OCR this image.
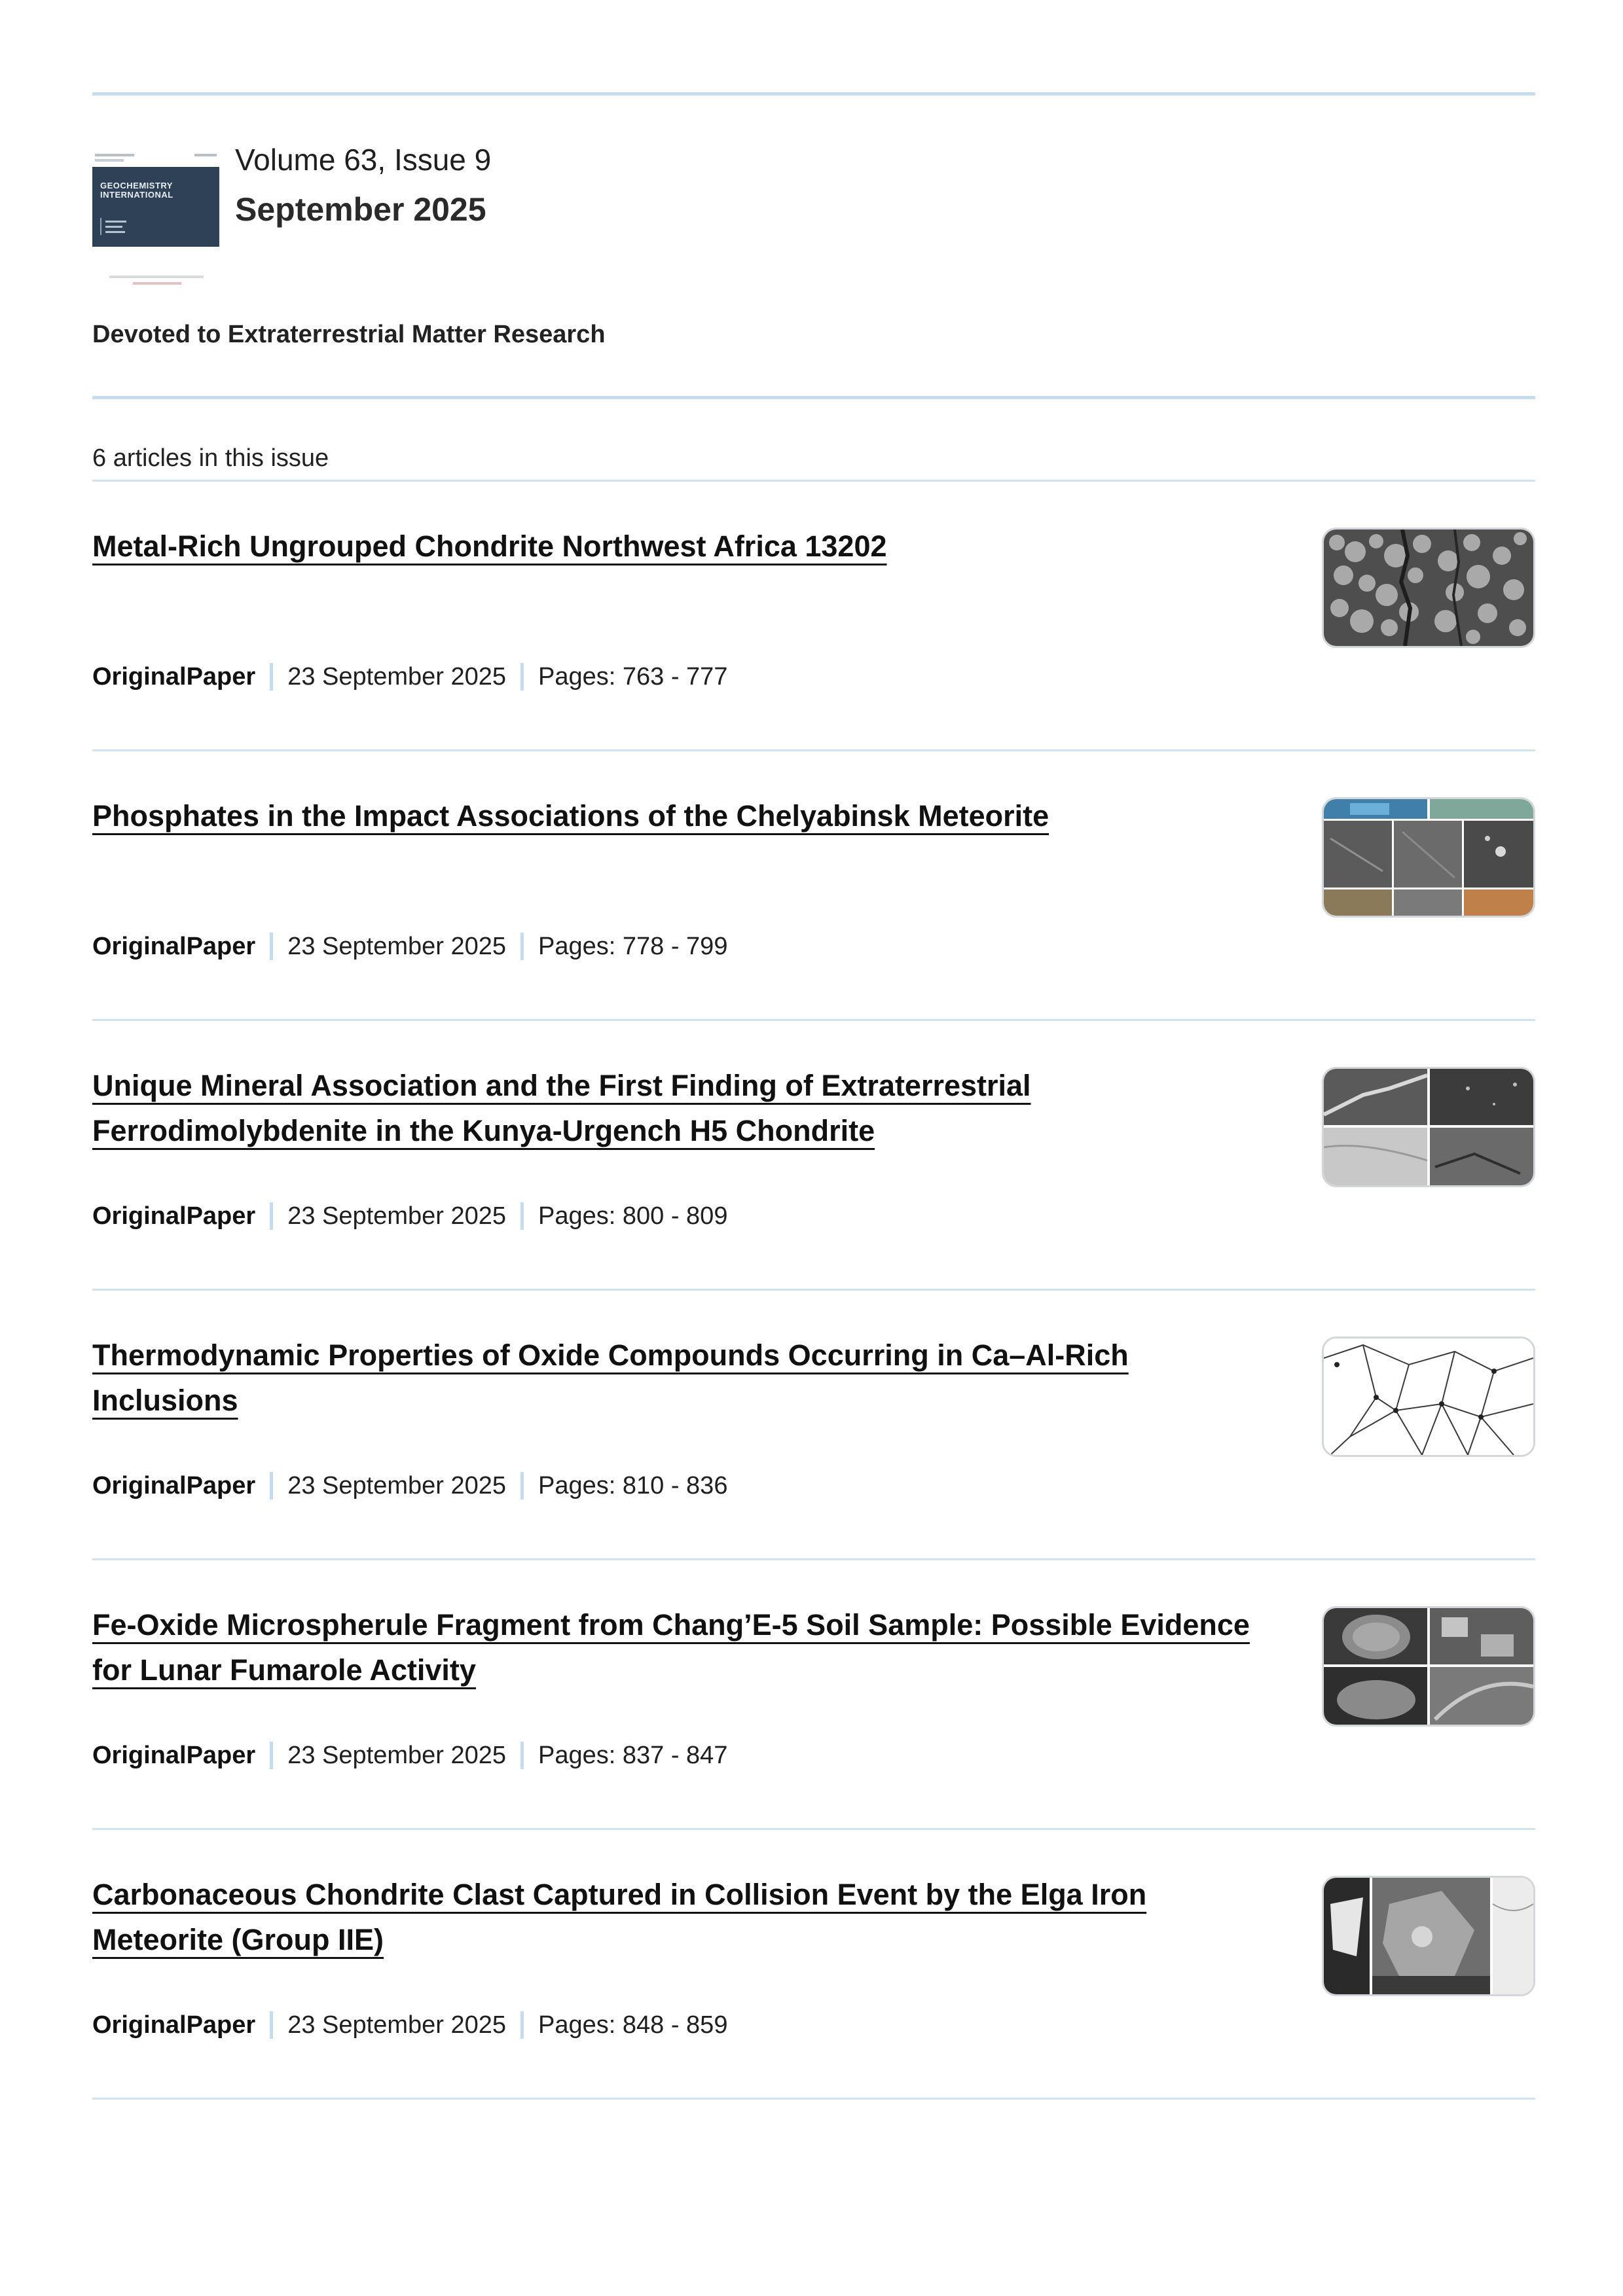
GEOCHEMISTRY INTERNATIONAL
Volume 63, Issue 9
September 2025
Devoted to Extraterrestrial Matter Research
6 articles in this issue
Metal-Rich Ungrouped Chondrite Northwest Africa 13202
OriginalPaper 23 September 2025 Pages: 763 - 777
Phosphates in the Impact Associations of the Chelyabinsk Meteorite
OriginalPaper 23 September 2025 Pages: 778 - 799
Unique Mineral Association and the First Finding of Extraterrestrial Ferrodimolybdenite in the Kunya-Urgench H5 Chondrite
OriginalPaper 23 September 2025 Pages: 800 - 809
Thermodynamic Properties of Oxide Compounds Occurring in Ca–Al-Rich Inclusions
OriginalPaper 23 September 2025 Pages: 810 - 836
Fe-Oxide Microspherule Fragment from Chang’E-5 Soil Sample: Possible Evidence for Lunar Fumarole Activity
OriginalPaper 23 September 2025 Pages: 837 - 847
Carbonaceous Chondrite Clast Captured in Collision Event by the Elga Iron Meteorite (Group IIE)
OriginalPaper 23 September 2025 Pages: 848 - 859
